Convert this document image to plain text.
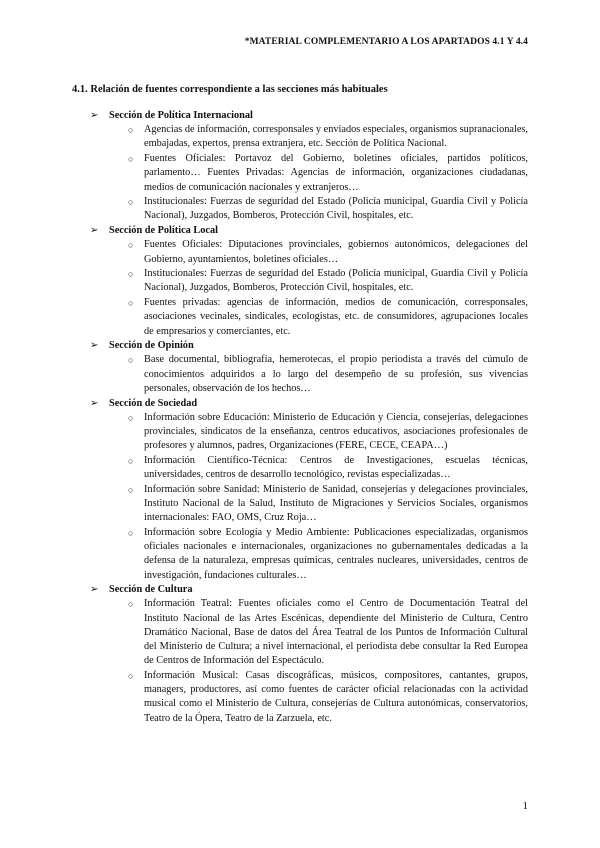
*MATERIAL COMPLEMENTARIO A LOS APARTADOS 4.1 Y 4.4
4.1. Relación de fuentes correspondiente a las secciones más habituales

➢ Sección de Política Internacional

○ Agencias de información, corresponsales y enviados especiales, organismos supranacionales, embajadas, expertos, prensa extranjera, etc. Sección de Política Nacional.

○ Fuentes Oficiales: Portavoz del Gobierno, boletines oficiales, partidos políticos, parlamento… Fuentes Privadas: Agencias de información, organizaciones ciudadanas, medios de comunicación nacionales y extranjeros…

○ Institucionales: Fuerzas de seguridad del Estado (Policía municipal, Guardia Civil y Policía Nacional), Juzgados, Bomberos, Protección Civil, hospitales, etc.

➢ Sección de Política Local

○ Fuentes Oficiales: Diputaciones provinciales, gobiernos autonómicos, delegaciones del Gobierno, ayuntamientos, boletines oficiales…

○ Institucionales: Fuerzas de seguridad del Estado (Policía municipal, Guardia Civil y Policía Nacional), Juzgados, Bomberos, Protección Civil, hospitales, etc.

○ Fuentes privadas: agencias de información, medios de comunicación, corresponsales, asociaciones vecinales, sindicales, ecologistas, etc. de consumidores, agrupaciones locales de empresarios y comerciantes, etc.

➢ Sección de Opinión

○ Base documental, bibliografía, hemerotecas, el propio periodista a través del cúmulo de conocimientos adquiridos a lo largo del desempeño de su profesión, sus vivencias personales, observación de los hechos…

➢ Sección de Sociedad

○ Información sobre Educación: Ministerio de Educación y Ciencia, consejerías, delegaciones provinciales, sindicatos de la enseñanza, centros educativos, asociaciones profesionales de profesores y alumnos, padres, Organizaciones (FERE, CECE, CEAPA…)

○ Información Científico-Técnica: Centros de Investigaciones, escuelas técnicas, universidades, centros de desarrollo tecnológico, revistas especializadas…

○ Información sobre Sanidad: Ministerio de Sanidad, consejerías y delegaciones provinciales, Instituto Nacional de la Salud, Instituto de Migraciones y Servicios Sociales, organismos internacionales: FAO, OMS, Cruz Roja…

○ Información sobre Ecología y Medio Ambiente: Publicaciones especializadas, organismos oficiales nacionales e internacionales, organizaciones no gubernamentales dedicadas a la defensa de la naturaleza, empresas químicas, centrales nucleares, universidades, centros de investigación, fundaciones culturales…

➢ Sección de Cultura

○ Información Teatral: Fuentes oficiales como el Centro de Documentación Teatral del Instituto Nacional de las Artes Escénicas, dependiente del Ministerio de Cultura, Centro Dramático Nacional, Base de datos del Área Teatral de los Puntos de Información Cultural del Ministerio de Cultura; a nivel internacional, el periodista debe consultar la Red Europea de Centros de Información del Espectáculo.

○ Información Musical: Casas discográficas, músicos, compositores, cantantes, grupos, managers, productores, así como fuentes de carácter oficial relacionadas con la actividad musical como el Ministerio de Cultura, consejerías de Cultura autonómicas, conservatorios, Teatro de la Ópera, Teatro de la Zarzuela, etc.

1
